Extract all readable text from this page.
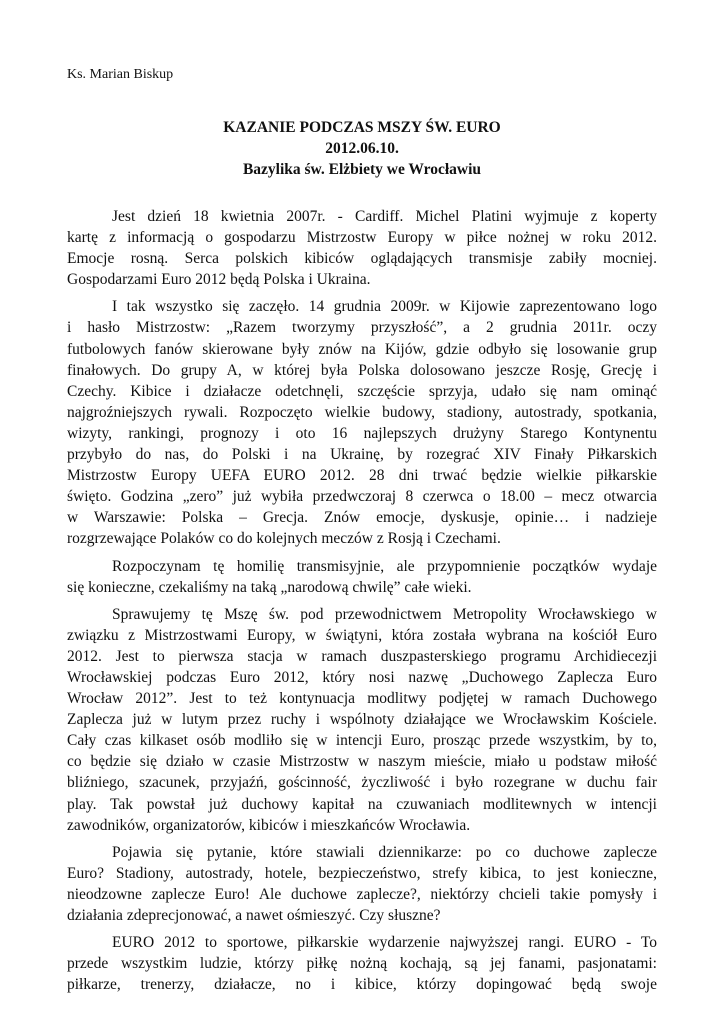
Ks. Marian Biskup
KAZANIE PODCZAS MSZY ŚW. EURO
2012.06.10.
Bazylika św. Elżbiety we Wrocławiu
Jest dzień 18 kwietnia 2007r. - Cardiff. Michel Platini wyjmuje z koperty
kartę z informacją o gospodarzu Mistrzostw Europy w piłce nożnej w roku 2012.
Emocje rosną. Serca polskich kibiców oglądających transmisje zabiły mocniej.
Gospodarzami Euro 2012 będą Polska i Ukraina.
I tak wszystko się zaczęło. 14 grudnia 2009r. w Kijowie zaprezentowano logo
i hasło Mistrzostw: „Razem tworzymy przyszłość”, a 2 grudnia 2011r. oczy
futbolowych fanów skierowane były znów na Kijów, gdzie odbyło się losowanie grup
finałowych. Do grupy A, w której była Polska dolosowano jeszcze Rosję, Grecję i
Czechy. Kibice i działacze odetchnęli, szczęście sprzyja, udało się nam ominąć
najgroźniejszych rywali. Rozpoczęto wielkie budowy, stadiony, autostrady, spotkania,
wizyty, rankingi, prognozy i oto 16 najlepszych drużyny Starego Kontynentu
przybyło do nas, do Polski i na Ukrainę, by rozegrać XIV Finały Piłkarskich
Mistrzostw Europy UEFA EURO 2012. 28 dni trwać będzie wielkie piłkarskie
święto. Godzina „zero” już wybiła przedwczoraj 8 czerwca o 18.00 – mecz otwarcia
w Warszawie: Polska – Grecja. Znów emocje, dyskusje, opinie… i nadzieje
rozgrzewające Polaków co do kolejnych meczów z Rosją i Czechami.
Rozpoczynam tę homilię transmisyjnie, ale przypomnienie początków wydaje
się konieczne, czekaliśmy na taką „narodową chwilę” całe wieki.
Sprawujemy tę Mszę św. pod przewodnictwem Metropolity Wrocławskiego w
związku z Mistrzostwami Europy, w świątyni, która została wybrana na kościół Euro
2012. Jest to pierwsza stacja w ramach duszpasterskiego programu Archidiecezji
Wrocławskiej podczas Euro 2012, który nosi nazwę „Duchowego Zaplecza Euro
Wrocław 2012”. Jest to też kontynuacja modlitwy podjętej w ramach Duchowego
Zaplecza już w lutym przez ruchy i wspólnoty działające we Wrocławskim Kościele.
Cały czas kilkaset osób modliło się w intencji Euro, prosząc przede wszystkim, by to,
co będzie się działo w czasie Mistrzostw w naszym mieście, miało u podstaw miłość
bliźniego, szacunek, przyjaźń, gościnność, życzliwość i było rozegrane w duchu fair
play. Tak powstał już duchowy kapitał na czuwaniach modlitewnych w intencji
zawodników, organizatorów, kibiców i mieszkańców Wrocławia.
Pojawia się pytanie, które stawiali dziennikarze: po co duchowe zaplecze
Euro? Stadiony, autostrady, hotele, bezpieczeństwo, strefy kibica, to jest konieczne,
nieodzowne zaplecze Euro! Ale duchowe zaplecze?, niektórzy chcieli takie pomysły i
działania zdeprecjonować, a nawet ośmieszyć. Czy słuszne?
EURO 2012 to sportowe, piłkarskie wydarzenie najwyższej rangi. EURO - To
przede wszystkim ludzie, którzy piłkę nożną kochają, są jej fanami, pasjonatami:
piłkarze, trenerzy, działacze, no i kibice, którzy dopingować będą swoje
